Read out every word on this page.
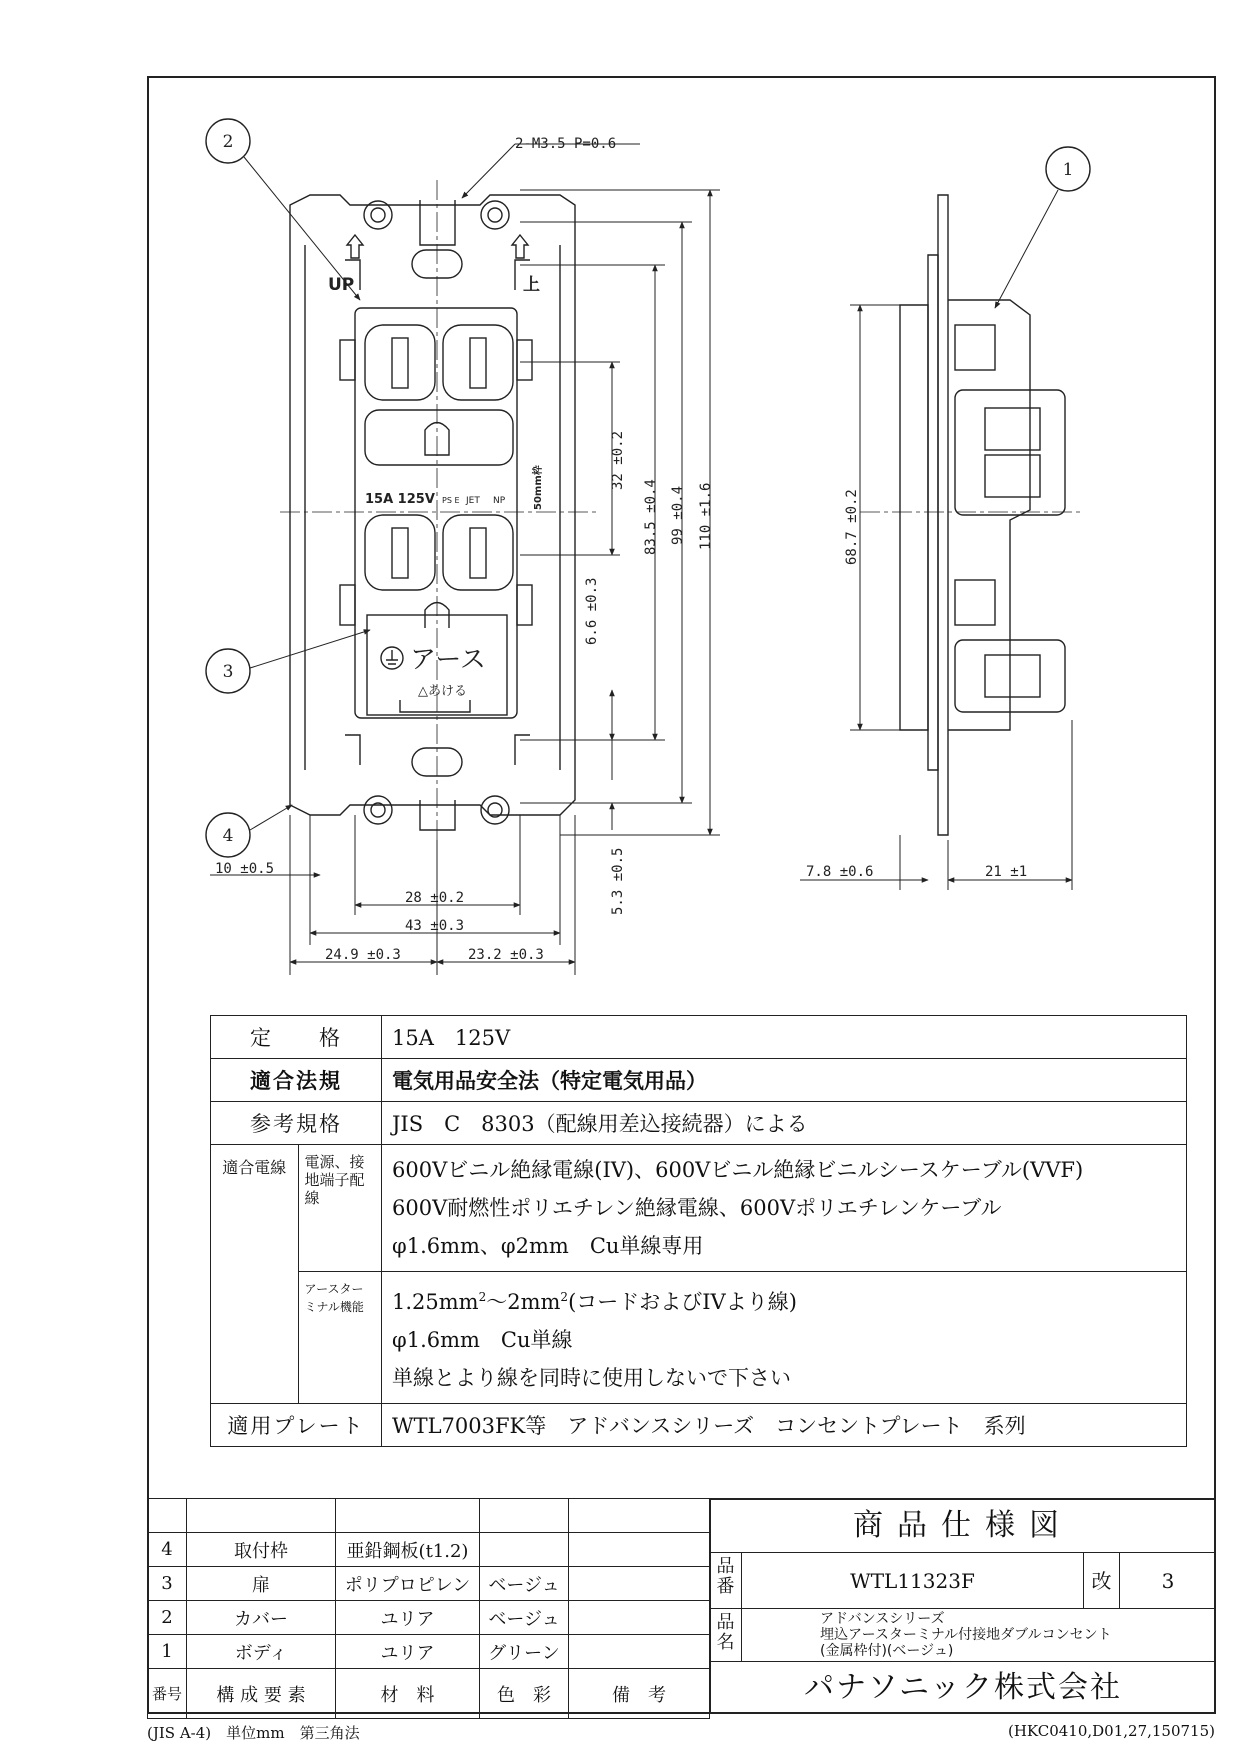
UP	上
15A 125V PS E JET NP	50mm枠
アース
△あける
2
1
3
4
2-M3.5 P=0.6
32 ±0.2
83.5 ±0.4 99 ±0.4 110 ±1.6
6.6 ±0.3
5.3 ±0.5
10 ±0.5
28 ±0.2
43 ±0.3
24.9 ±0.3	23.2 ±0.3
68.7 ±0.2
7.8 ±0.6	21 ±1
定　　格		15A　125V
適合法規		電気用品安全法（特定電気用品）
参考規格		JIS　C　8303（配線用差込接続器）による
適合電線	電源、接地端子配線	600Vビニル絶縁電線(IV)、600Vビニル絶縁ビニルシースケーブル(VVF)
600V耐燃性ポリエチレン絶縁電線、600Vポリエチレンケーブル
φ1.6mm、φ2mm　Cu単線専用

	アースターミナル機能	$1.25mm^2\sim 2mm^2$(コードおよびIVより線)
φ1.6mm　Cu単線
単線とより線を同時に使用しないで下さい

適用プレート		WTL7003FK等　アドバンスシリーズ　コンセントプレート　系列

4	取付枠	亜鉛鋼板(t1.2)		
3	扉	ポリプロピレン	ベージュ	
2	カバー	ユリア	ベージュ	
1	ボディ	ユリア	グリーン	
番号	構 成 要 素	材　料	色　彩	備　考
商品仕様図
品番	WTL11323F	改	3
品名
アドバンスシリーズ
埋込アースターミナル付接地ダブルコンセント
(金属枠付)(ベージュ)
パナソニック株式会社
(JIS A-4)　単位mm　第三角法	(HKC0410,D01,27,150715)
